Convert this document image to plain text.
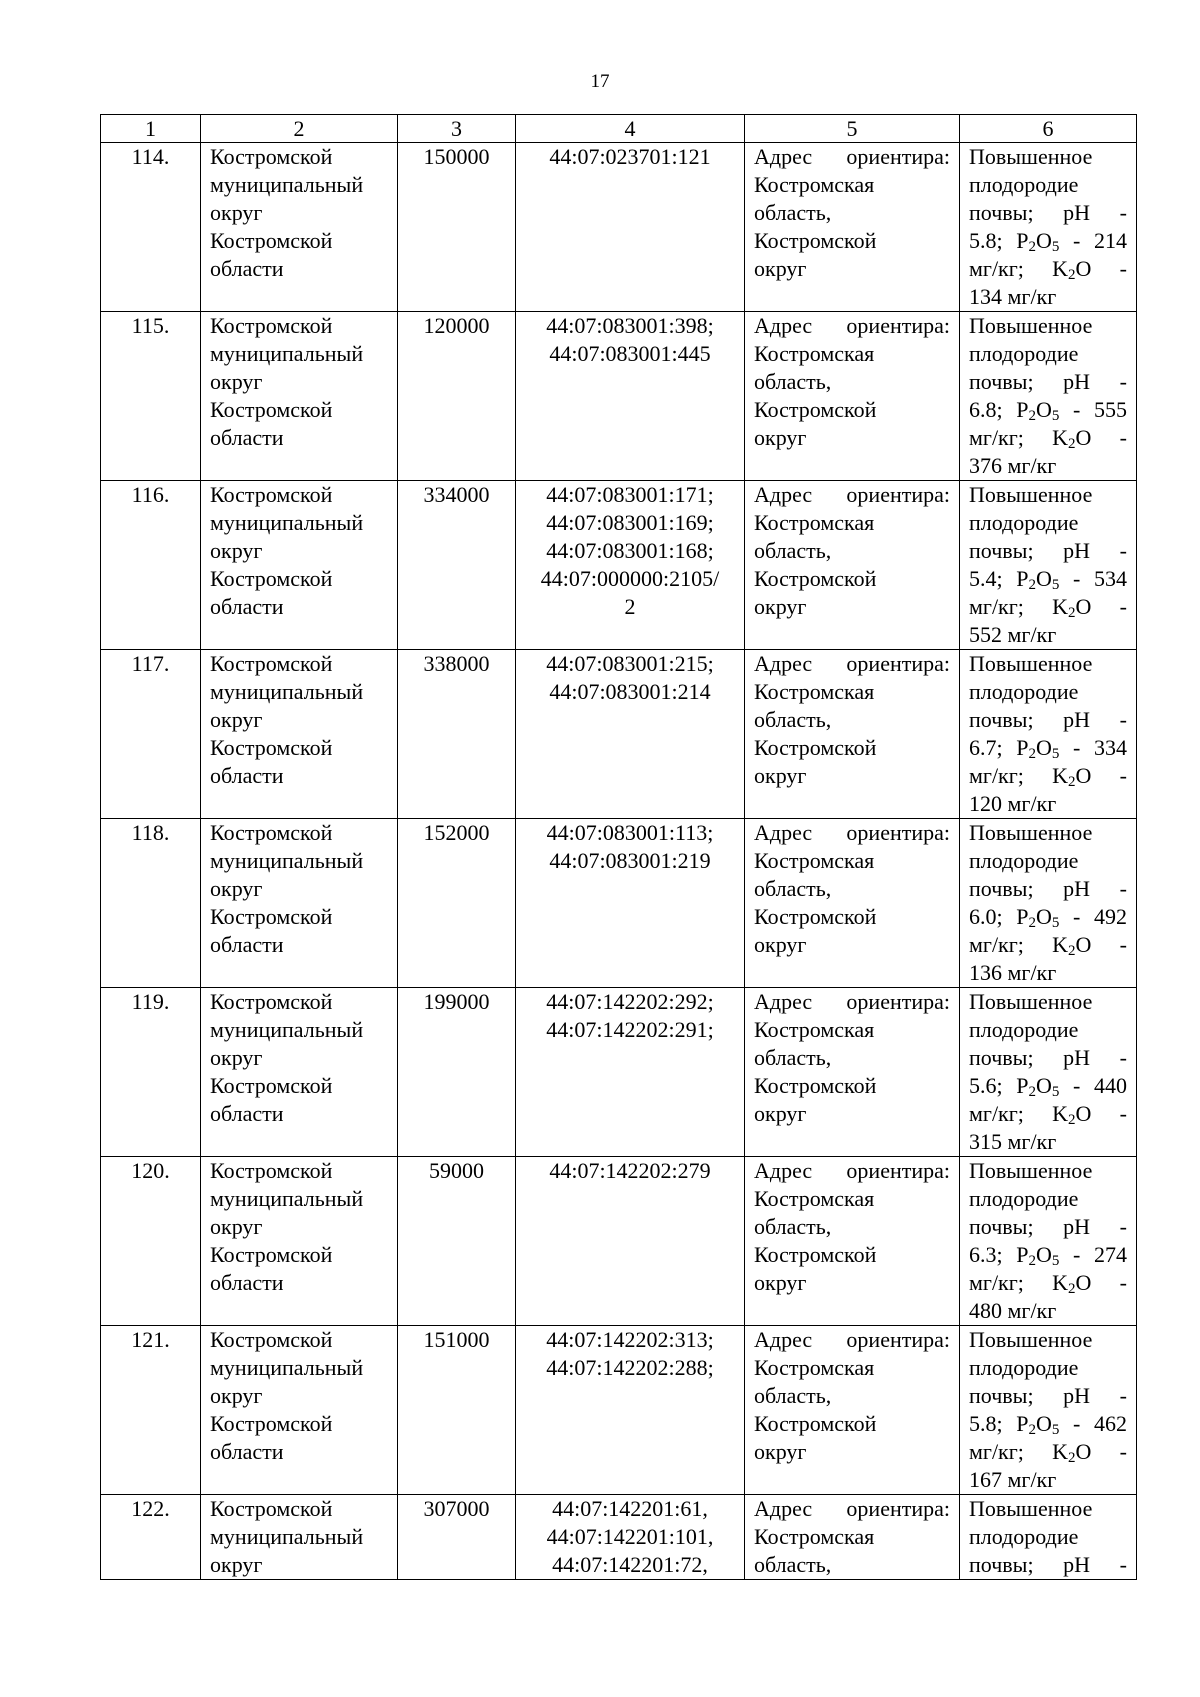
17
1	2	3	4	5	6
114.	Костромской
муниципальный
округ
Костромской
области	150000	44:07:023701:121	Адрес ориентира:
Костромская
область,
Костромской
округ	Повышенное плодородие почвы; pH -
5.8; $P_2O_5 - 214$
мг/кг; $K_2O$ -
134 мг/кг

115.	Костромской
муниципальный
округ
Костромской
области	120000	44:07:083001:398;
44:07:083001:445	Адрес ориентира:
Костромская
область,
Костромской
округ	Повышенное плодородие почвы; pH -
6.8; $P_2O_5 - 555$
мг/кг; $K_2O$ -
376 мг/кг

116.	Костромской
муниципальный
округ
Костромской
области	334000	44:07:083001:171;
44:07:083001:169;
44:07:083001:168;
44:07:000000:2105/
2	Адрес ориентира:
Костромская
область,
Костромской
округ	Повышенное плодородие почвы; pH -
5.4; $P_2O_5 - 534$
мг/кг; $K_2O$ -
552 мг/кг

117.	Костромской
муниципальный
округ
Костромской
области	338000	44:07:083001:215;
44:07:083001:214	Адрес ориентира:
Костромская
область,
Костромской
округ	Повышенное плодородие почвы; pH -
6.7; $P_2O_5 - 334$
мг/кг; $K_2O$ -
120 мг/кг

118.	Костромской
муниципальный
округ
Костромской
области	152000	44:07:083001:113;
44:07:083001:219	Адрес ориентира:
Костромская
область,
Костромской
округ	Повышенное плодородие почвы; pH -
6.0; $P_2O_5 - 492$
мг/кг; $K_2O$ -
136 мг/кг

119.	Костромской
муниципальный
округ
Костромской
области	199000	44:07:142202:292;
44:07:142202:291;	Адрес ориентира:
Костромская
область,
Костромской
округ	Повышенное плодородие почвы; pH -
5.6; $P_2O_5 - 440$
мг/кг; $K_2O$ -
315 мг/кг

120.	Костромской
муниципальный
округ
Костромской
области	59000	44:07:142202:279	Адрес ориентира:
Костромская
область,
Костромской
округ	Повышенное плодородие почвы; pH -
6.3; $P_2O_5 - 274$
мг/кг; $K_2O$ -
480 мг/кг

121.	Костромской
муниципальный
округ
Костромской
области	151000	44:07:142202:313;
44:07:142202:288;	Адрес ориентира:
Костромская
область,
Костромской
округ	Повышенное плодородие почвы; pH -
5.8; $P_2O_5 - 462$
мг/кг; $K_2O$ -
167 мг/кг

122.	Костромской
муниципальный
округ	307000	44:07:142201:61,
44:07:142201:101,
44:07:142201:72,	Адрес ориентира:
Костромская
область,	Повышенное плодородие почвы; pH -
